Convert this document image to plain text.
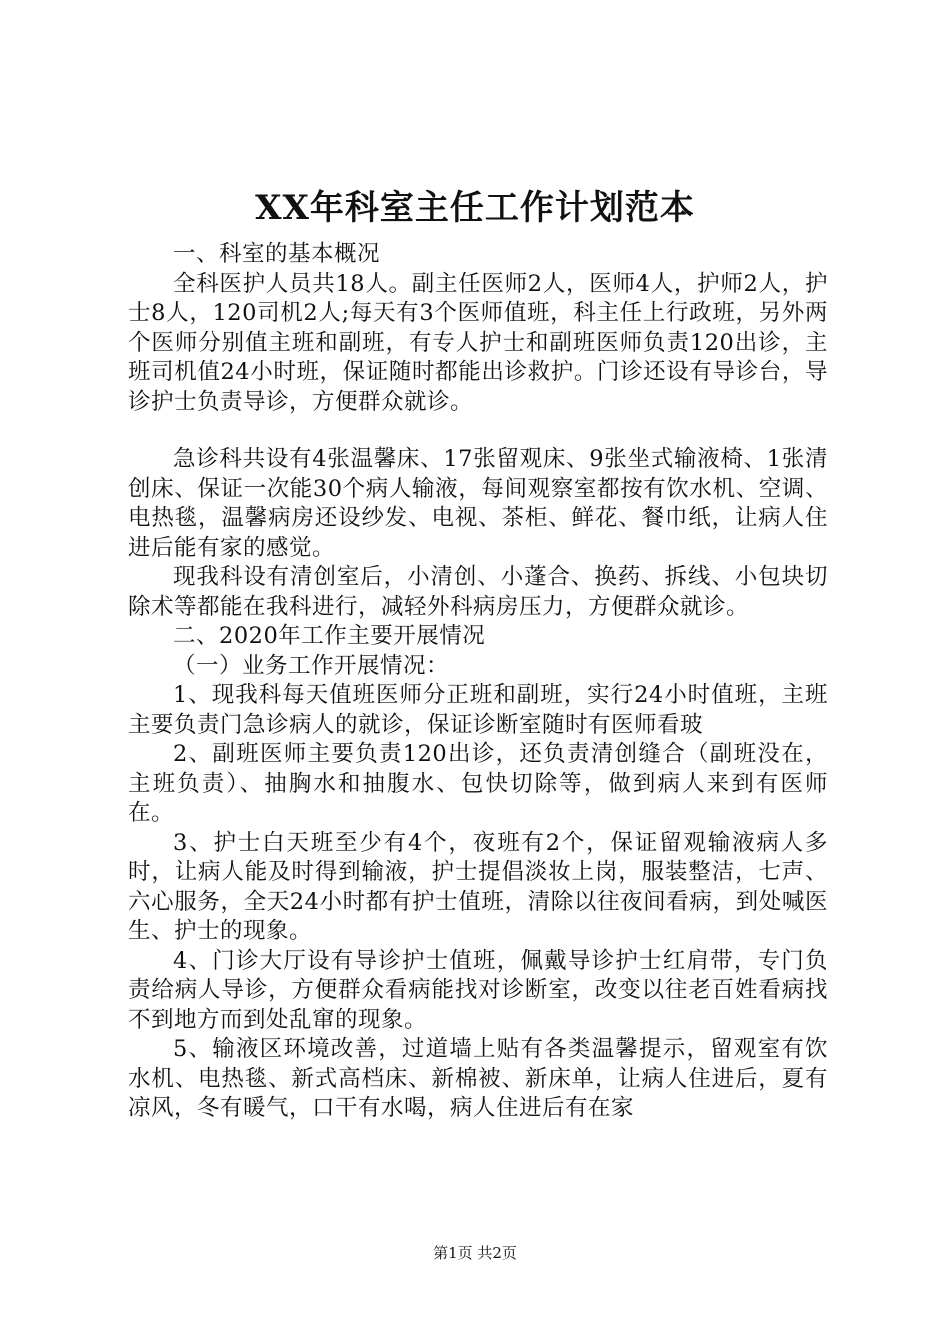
XX年科室主任工作计划范本

一、科室的基本概况

全科医护人员共18人。副主任医师2人，医师4人，护师2人，护士8人，120司机2人;每天有3个医师值班，科主任上行政班，另外两个医师分别值主班和副班，有专人护士和副班医师负责120出诊，主班司机值24小时班，保证随时都能出诊救护。门诊还设有导诊台，导诊护士负责导诊，方便群众就诊。

急诊科共设有4张温馨床、17张留观床、9张坐式输液椅、1张清创床、保证一次能30个病人输液，每间观察室都按有饮水机、空调、电热毯，温馨病房还设纱发、电视、茶柜、鲜花、餐巾纸，让病人住进后能有家的感觉。

现我科设有清创室后，小清创、小蓬合、换药、拆线、小包块切除术等都能在我科进行，减轻外科病房压力，方便群众就诊。

二、2020年工作主要开展情况

（一）业务工作开展情况：

1、现我科每天值班医师分正班和副班，实行24小时值班，主班主要负责门急诊病人的就诊，保证诊断室随时有医师看玻

2、副班医师主要负责120出诊，还负责清创缝合（副班没在，主班负责）、抽胸水和抽腹水、包快切除等，做到病人来到有医师在。

3、护士白天班至少有4个，夜班有2个，保证留观输液病人多时，让病人能及时得到输液，护士提倡淡妆上岗，服装整洁，七声、六心服务，全天24小时都有护士值班，清除以往夜间看病，到处喊医生、护士的现象。

4、门诊大厅设有导诊护士值班，佩戴导诊护士红肩带，专门负责给病人导诊，方便群众看病能找对诊断室，改变以往老百姓看病找不到地方而到处乱窜的现象。

5、输液区环境改善，过道墙上贴有各类温馨提示，留观室有饮水机、电热毯、新式高档床、新棉被、新床单，让病人住进后，夏有凉风，冬有暖气，口干有水喝，病人住进后有在家

第1页 共2页
